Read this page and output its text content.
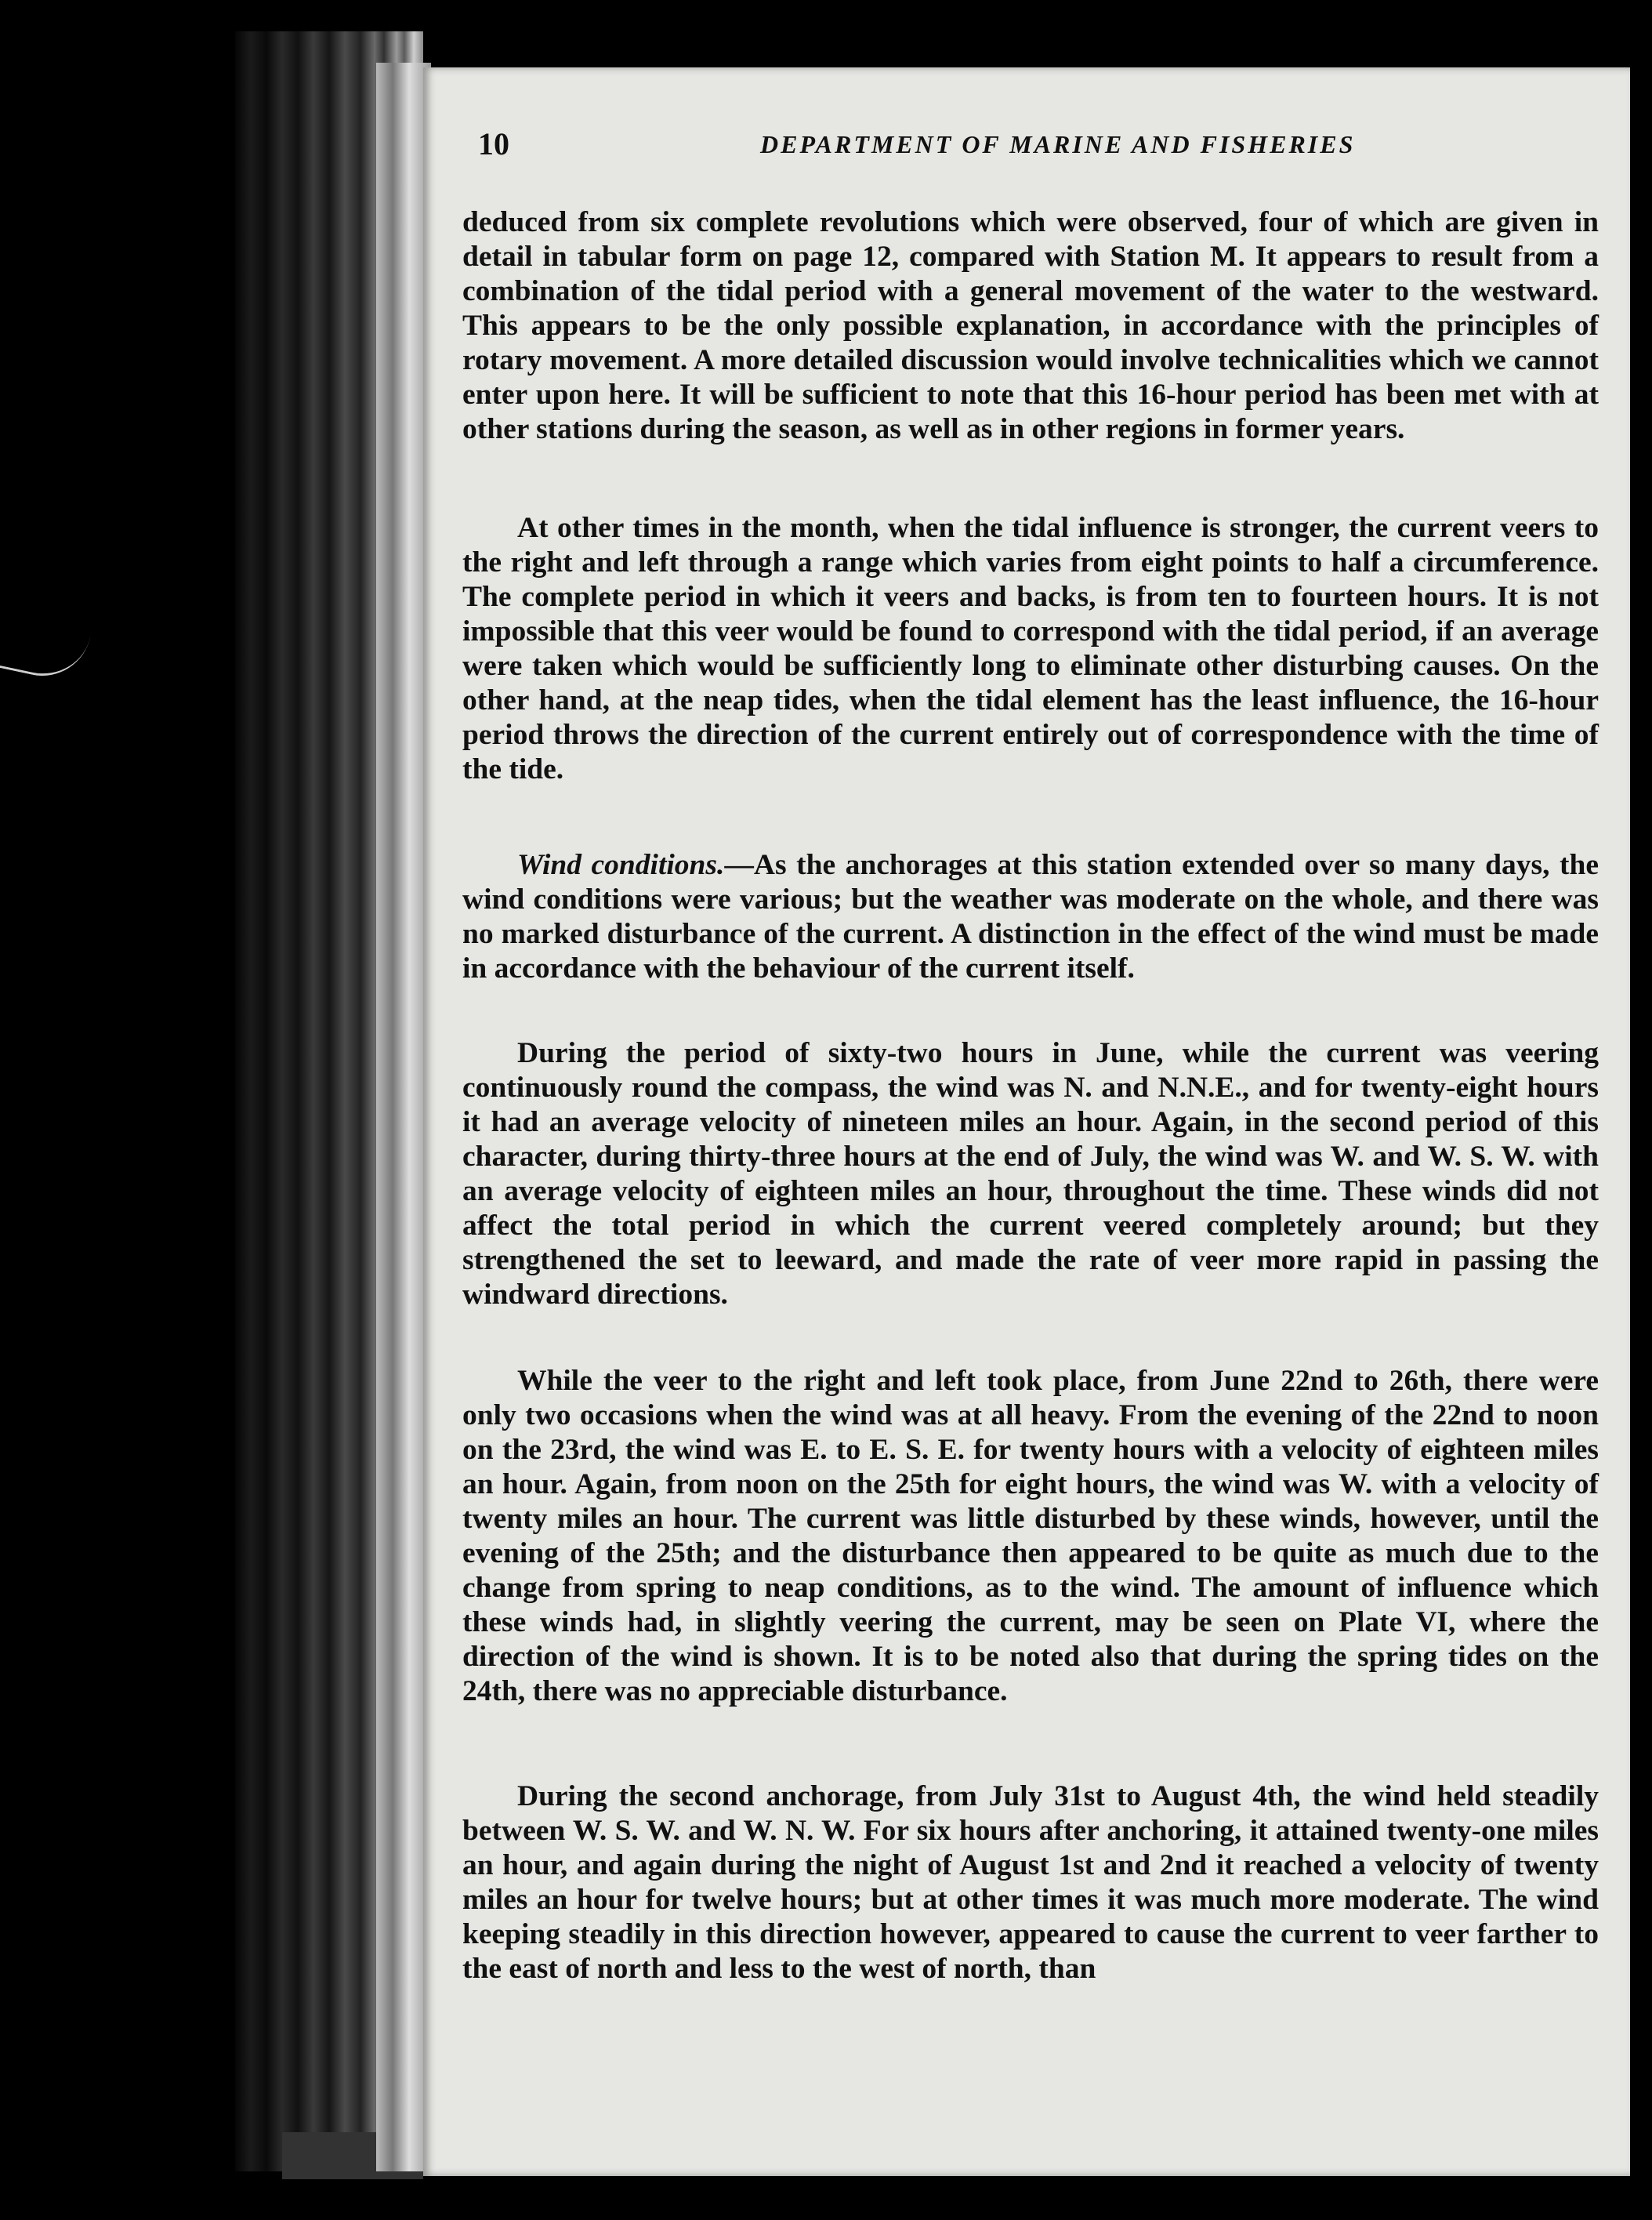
10	DEPARTMENT OF MARINE AND FISHERIES

deduced from six complete revolutions which were observed, four of which are given in detail in tabular form on page 12, compared with Station M. It appears to result from a combination of the tidal period with a general movement of the water to the westward. This appears to be the only possible explanation, in accordance with the principles of rotary movement. A more detailed discussion would involve technicalities which we cannot enter upon here. It will be sufficient to note that this 16-hour period has been met with at other stations during the season, as well as in other regions in former years.

At other times in the month, when the tidal influence is stronger, the current veers to the right and left through a range which varies from eight points to half a circumference. The complete period in which it veers and backs, is from ten to fourteen hours. It is not impossible that this veer would be found to correspond with the tidal period, if an average were taken which would be sufficiently long to eliminate other disturbing causes. On the other hand, at the neap tides, when the tidal element has the least influence, the 16-hour period throws the direction of the current entirely out of correspondence with the time of the tide.

Wind conditions.—As the anchorages at this station extended over so many days, the wind conditions were various; but the weather was moderate on the whole, and there was no marked disturbance of the current. A distinction in the effect of the wind must be made in accordance with the behaviour of the current itself.

During the period of sixty-two hours in June, while the current was veering continuously round the compass, the wind was N. and N.N.E., and for twenty-eight hours it had an average velocity of nineteen miles an hour. Again, in the second period of this character, during thirty-three hours at the end of July, the wind was W. and W. S. W. with an average velocity of eighteen miles an hour, throughout the time. These winds did not affect the total period in which the current veered completely around; but they strengthened the set to leeward, and made the rate of veer more rapid in passing the windward directions.

While the veer to the right and left took place, from June 22nd to 26th, there were only two occasions when the wind was at all heavy. From the evening of the 22nd to noon on the 23rd, the wind was E. to E. S. E. for twenty hours with a velocity of eighteen miles an hour. Again, from noon on the 25th for eight hours, the wind was W. with a velocity of twenty miles an hour. The current was little disturbed by these winds, however, until the evening of the 25th; and the disturbance then appeared to be quite as much due to the change from spring to neap conditions, as to the wind. The amount of influence which these winds had, in slightly veering the current, may be seen on Plate VI, where the direction of the wind is shown. It is to be noted also that during the spring tides on the 24th, there was no appreciable disturbance.

During the second anchorage, from July 31st to August 4th, the wind held steadily between W. S. W. and W. N. W. For six hours after anchoring, it attained twenty-one miles an hour, and again during the night of August 1st and 2nd it reached a velocity of twenty miles an hour for twelve hours; but at other times it was much more moderate. The wind keeping steadily in this direction however, appeared to cause the current to veer farther to the east of north and less to the west of north, than
